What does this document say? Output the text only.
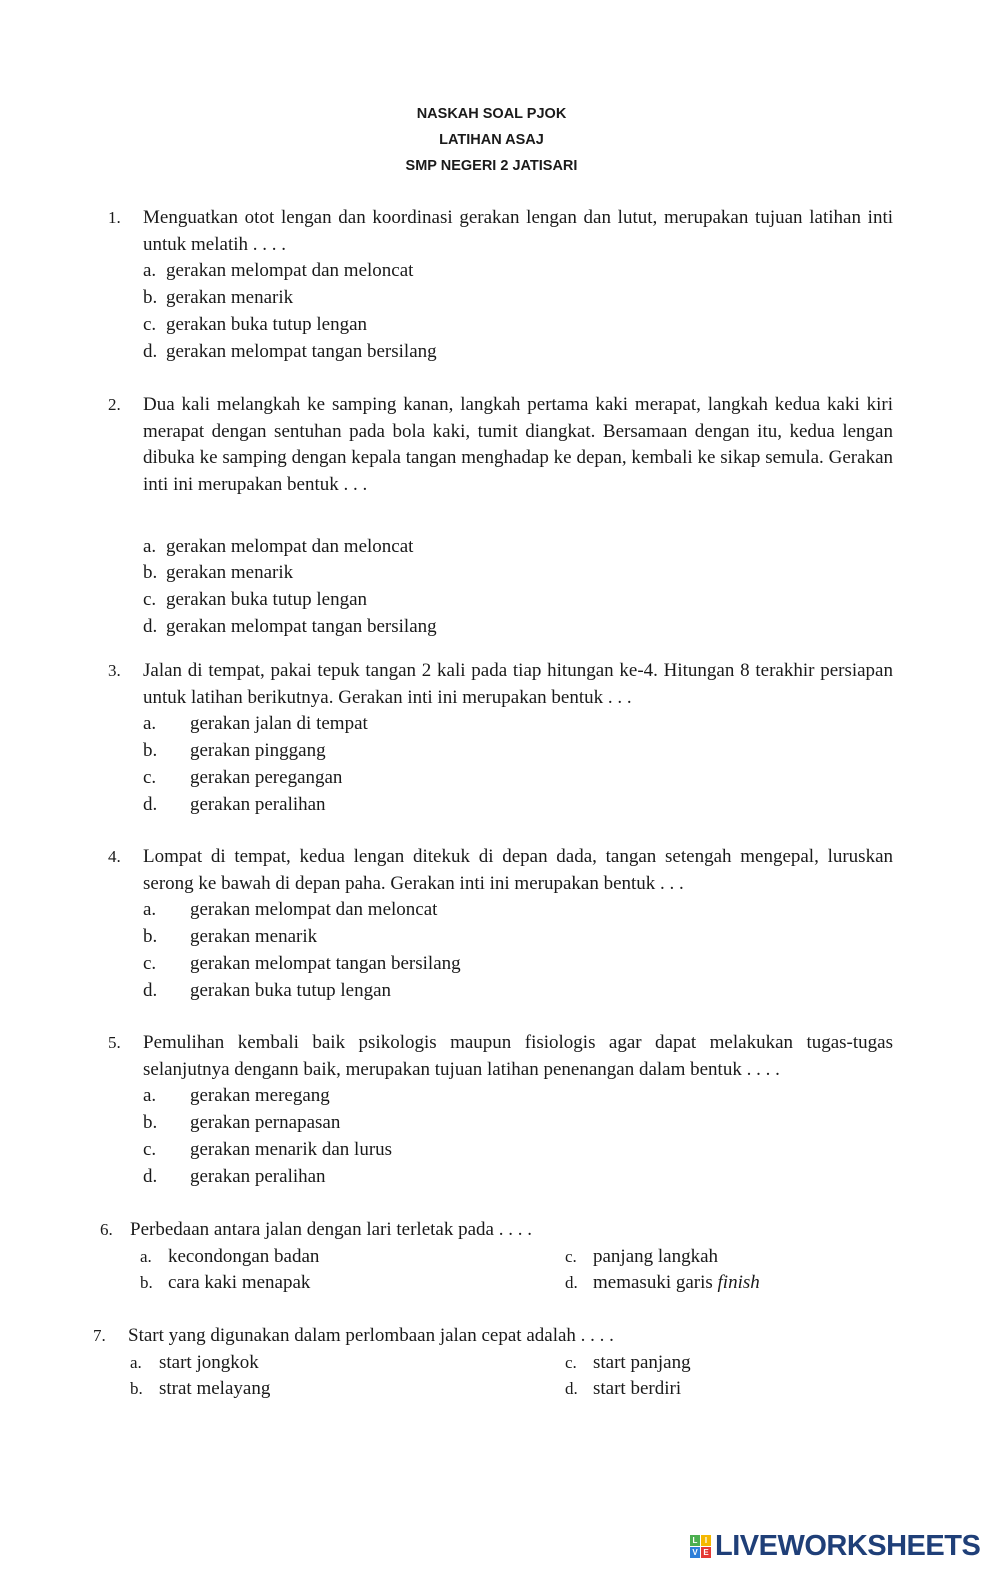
NASKAH SOAL PJOK
LATIHAN ASAJ
SMP NEGERI 2 JATISARI
1. Menguatkan otot lengan dan koordinasi gerakan lengan dan lutut, merupakan tujuan latihan inti untuk melatih . . . .
a. gerakan melompat dan meloncat
b. gerakan menarik
c. gerakan buka tutup lengan
d. gerakan melompat tangan bersilang
2. Dua kali melangkah ke samping kanan, langkah pertama kaki merapat, langkah kedua kaki kiri merapat dengan sentuhan pada bola kaki, tumit diangkat. Bersamaan dengan itu, kedua lengan dibuka ke samping dengan kepala tangan menghadap ke depan, kembali ke sikap semula. Gerakan inti ini merupakan bentuk . . .
a. gerakan melompat dan meloncat
b. gerakan menarik
c. gerakan buka tutup lengan
d. gerakan melompat tangan bersilang
3. Jalan di tempat, pakai tepuk tangan 2 kali pada tiap hitungan ke-4. Hitungan 8 terakhir persiapan untuk latihan berikutnya. Gerakan inti ini merupakan bentuk . . .
a. gerakan jalan di tempat
b. gerakan pinggang
c. gerakan peregangan
d. gerakan peralihan
4. Lompat di tempat, kedua lengan ditekuk di depan dada, tangan setengah mengepal, luruskan serong ke bawah di depan paha. Gerakan inti ini merupakan bentuk . . .
a. gerakan melompat dan meloncat
b. gerakan menarik
c. gerakan melompat tangan bersilang
d. gerakan buka tutup lengan
5. Pemulihan kembali baik psikologis maupun fisiologis agar dapat melakukan tugas-tugas selanjutnya dengann baik, merupakan tujuan latihan penenangan dalam bentuk . . . .
a. gerakan meregang
b. gerakan pernapasan
c. gerakan menarik dan lurus
d. gerakan peralihan
6. Perbedaan antara jalan dengan lari terletak pada . . . .
a. kecondongan badan
b. cara kaki menapak
c. panjang langkah
d. memasuki garis finish
7. Start yang digunakan dalam perlombaan jalan cepat adalah . . . .
a. start jongkok
b. strat melayang
c. start panjang
d. start berdiri
L I
V E LIVEWORKSHEETS
